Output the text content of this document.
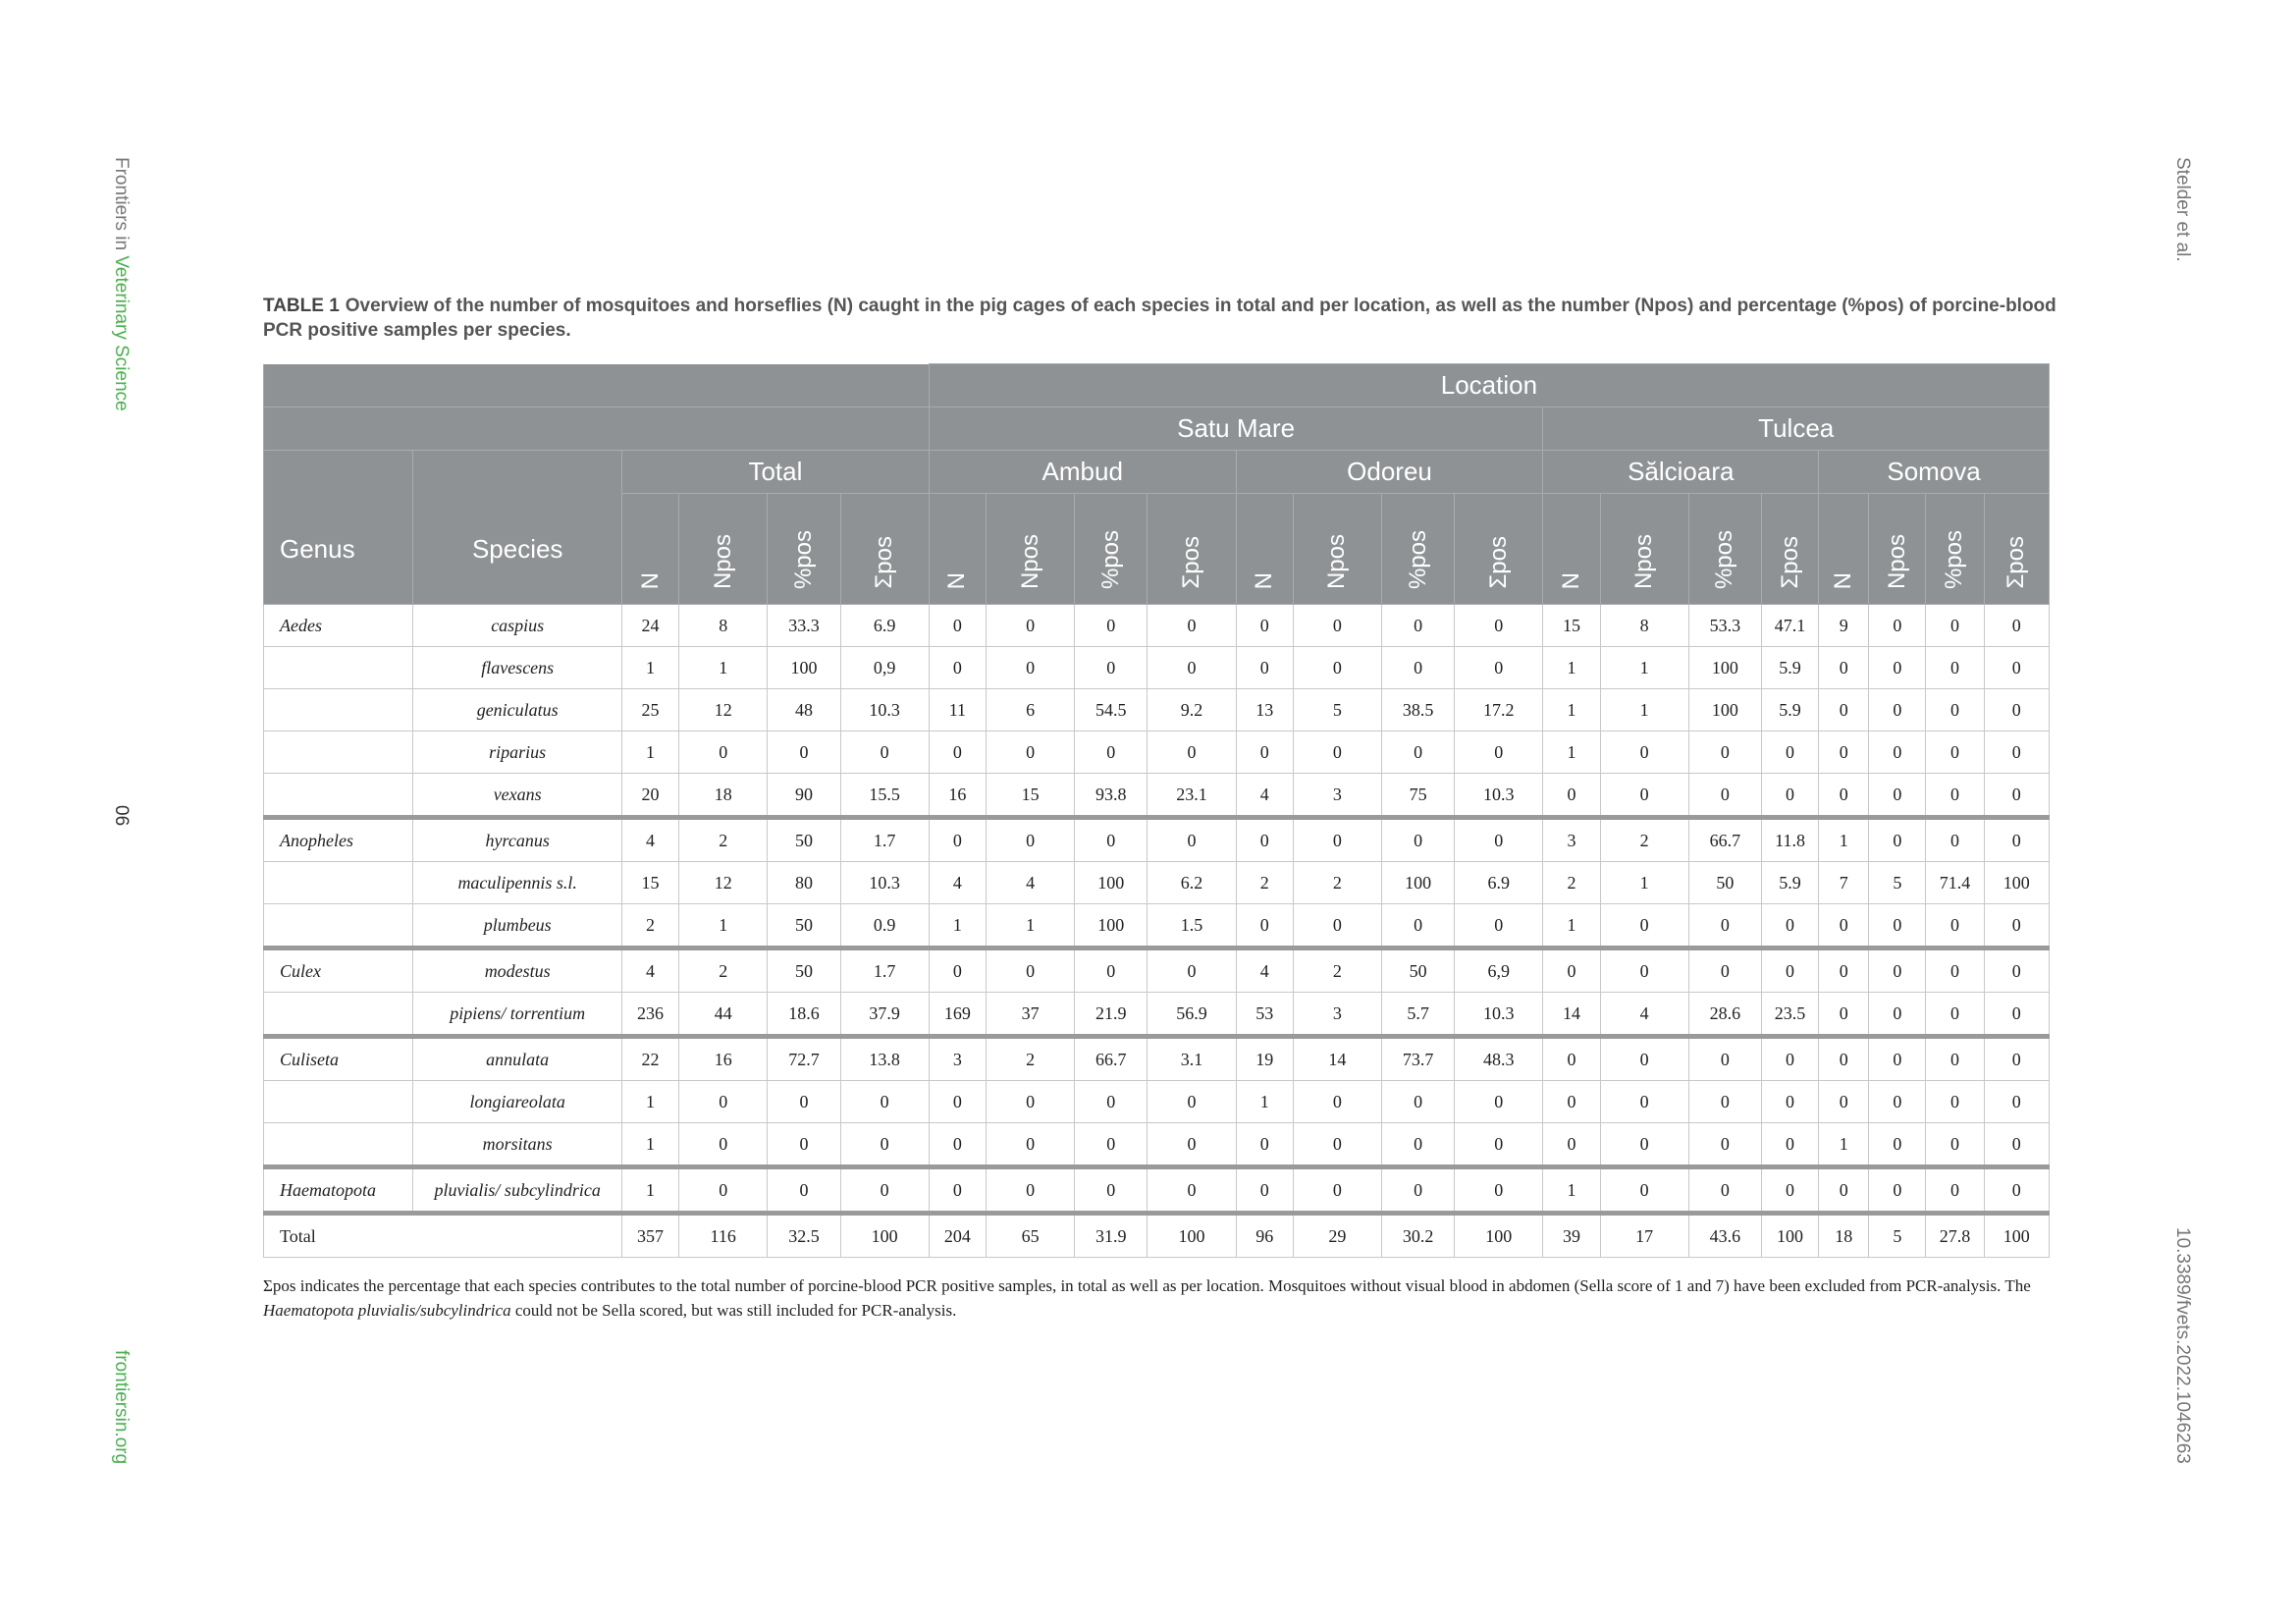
Frontiers in Veterinary Science
06
frontiersin.org
Stelder et al.
10.3389/fvets.2022.1046263
TABLE 1 Overview of the number of mosquitoes and horseflies (N) caught in the pig cages of each species in total and per location, as well as the number (Npos) and percentage (%pos) of porcine-blood PCR positive samples per species.
						Location															
						Satu Mare								Tulcea							
Genus	Species	Total				Ambud				Odoreu				Sălcioara				Somova			
		N	Npos	%pos	Σpos	N	Npos	%pos	Σpos	N	Npos	%pos	Σpos	N	Npos	%pos	Σpos	N	Npos	%pos	Σpos
Aedes	caspius	24	8	33.3	6.9	0	0	0	0	0	0	0	0	15	8	53.3	47.1	9	0	0	0
	flavescens	1	1	100	0,9	0	0	0	0	0	0	0	0	1	1	100	5.9	0	0	0	0
	geniculatus	25	12	48	10.3	11	6	54.5	9.2	13	5	38.5	17.2	1	1	100	5.9	0	0	0	0
	riparius	1	0	0	0	0	0	0	0	0	0	0	0	1	0	0	0	0	0	0	0
	vexans	20	18	90	15.5	16	15	93.8	23.1	4	3	75	10.3	0	0	0	0	0	0	0	0
Anopheles	hyrcanus	4	2	50	1.7	0	0	0	0	0	0	0	0	3	2	66.7	11.8	1	0	0	0
	maculipennis s.l.	15	12	80	10.3	4	4	100	6.2	2	2	100	6.9	2	1	50	5.9	7	5	71.4	100
	plumbeus	2	1	50	0.9	1	1	100	1.5	0	0	0	0	1	0	0	0	0	0	0	0
Culex	modestus	4	2	50	1.7	0	0	0	0	4	2	50	6,9	0	0	0	0	0	0	0	0
	pipiens/ torrentium	236	44	18.6	37.9	169	37	21.9	56.9	53	3	5.7	10.3	14	4	28.6	23.5	0	0	0	0
Culiseta	annulata	22	16	72.7	13.8	3	2	66.7	3.1	19	14	73.7	48.3	0	0	0	0	0	0	0	0
	longiareolata	1	0	0	0	0	0	0	0	1	0	0	0	0	0	0	0	0	0	0	0
	morsitans	1	0	0	0	0	0	0	0	0	0	0	0	0	0	0	0	1	0	0	0
Haematopota	pluvialis/ subcylindrica	1	0	0	0	0	0	0	0	0	0	0	0	1	0	0	0	0	0	0	0
Total		357	116	32.5	100	204	65	31.9	100	96	29	30.2	100	39	17	43.6	100	18	5	27.8	100
Σpos indicates the percentage that each species contributes to the total number of porcine-blood PCR positive samples, in total as well as per location. Mosquitoes without visual blood in abdomen (Sella score of 1 and 7) have been excluded from PCR-analysis. The Haematopota pluvialis/subcylindrica could not be Sella scored, but was still included for PCR-analysis.
